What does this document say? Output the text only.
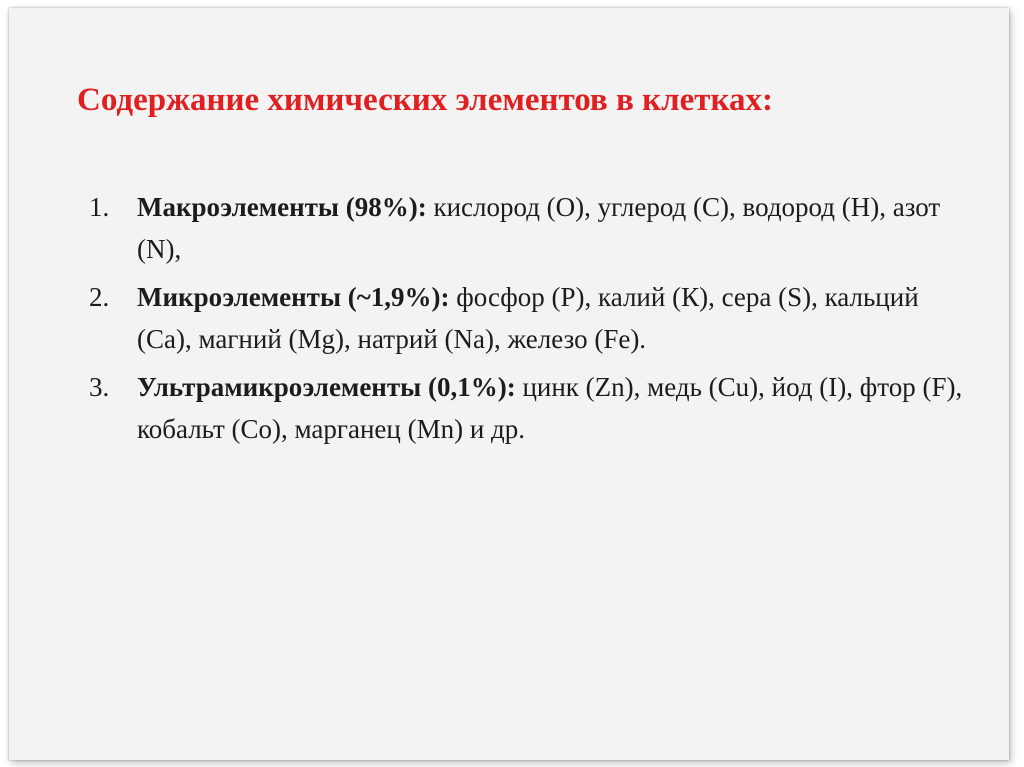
Содержание химических элементов в клетках:
1. Макроэлементы (98%): кислород (О), углерод (С), водород (Н), азот (N),
2. Микроэлементы (~1,9%): фосфор (Р), калий (К), сера (S), кальций (Са), магний (Mg), натрий (Na), железо (Fe).
3. Ультрамикроэлементы (0,1%): цинк (Zn), медь (Cu), йод (I), фтор (F), кобальт (Со), марганец (Mn) и др.
